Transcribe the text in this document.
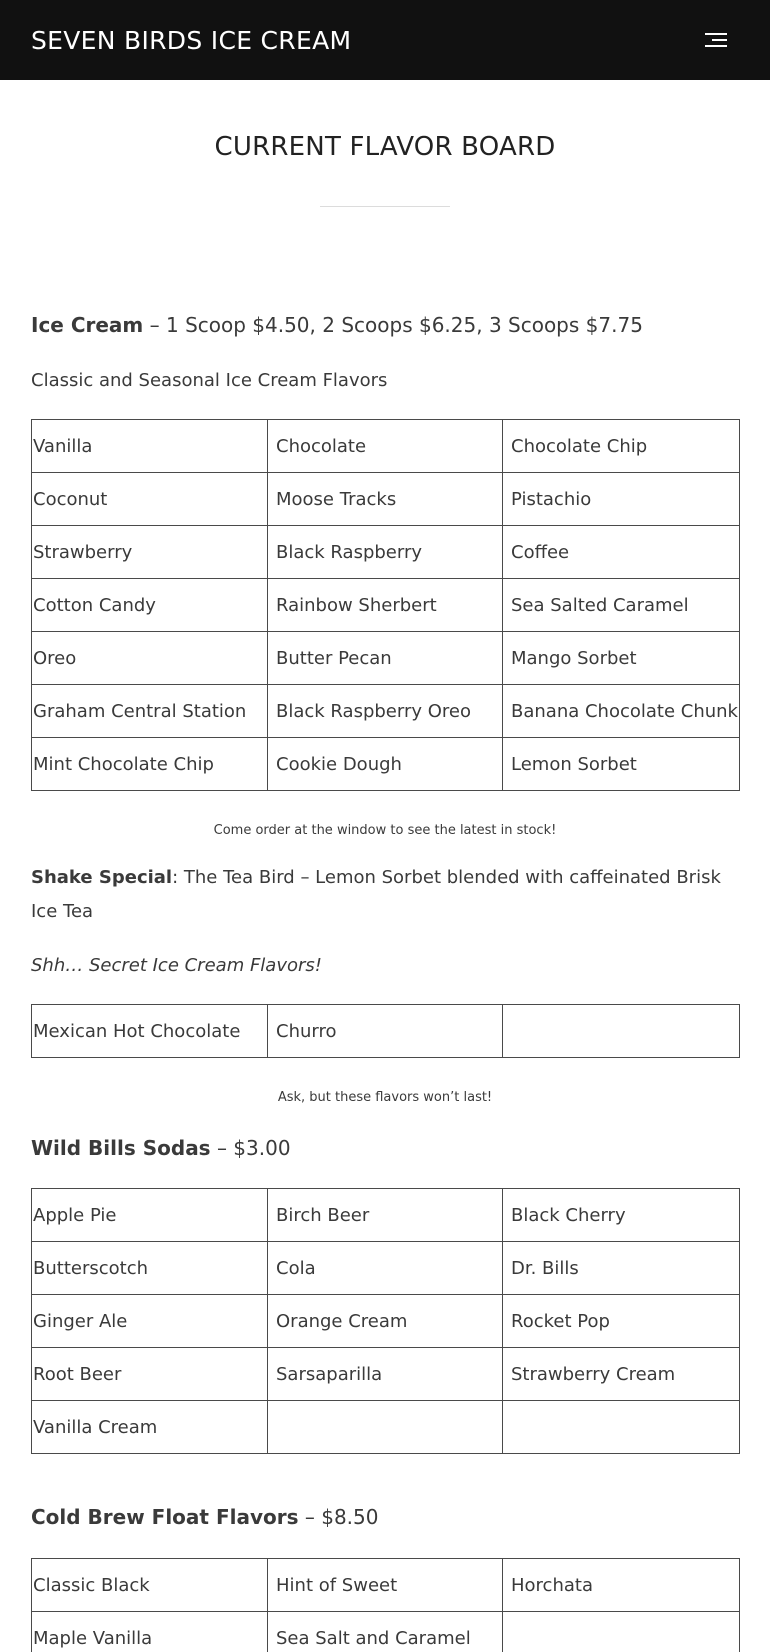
SEVEN BIRDS ICE CREAM
CURRENT FLAVOR BOARD

Ice Cream – 1 Scoop $4.50, 2 Scoops $6.25, 3 Scoops $7.75

Classic and Seasonal Ice Cream Flavors

Vanilla	Chocolate	Chocolate Chip
Coconut	Moose Tracks	Pistachio
Strawberry	Black Raspberry	Coffee
Cotton Candy	Rainbow Sherbert	Sea Salted Caramel
Oreo	Butter Pecan	Mango Sorbet
Graham Central Station	Black Raspberry Oreo	Banana Chocolate Chunk
Mint Chocolate Chip	Cookie Dough	Lemon Sorbet

Come order at the window to see the latest in stock!

Shake Special: The Tea Bird – Lemon Sorbet blended with caffeinated Brisk Ice Tea

Shh… Secret Ice Cream Flavors!

Mexican Hot Chocolate	Churro	

Ask, but these flavors won’t last!

Wild Bills Sodas – $3.00

Apple Pie	Birch Beer	Black Cherry
Butterscotch	Cola	Dr. Bills
Ginger Ale	Orange Cream	Rocket Pop
Root Beer	Sarsaparilla	Strawberry Cream
Vanilla Cream		

Cold Brew Float Flavors – $8.50

Classic Black	Hint of Sweet	Horchata
Maple Vanilla	Sea Salt and Caramel	
